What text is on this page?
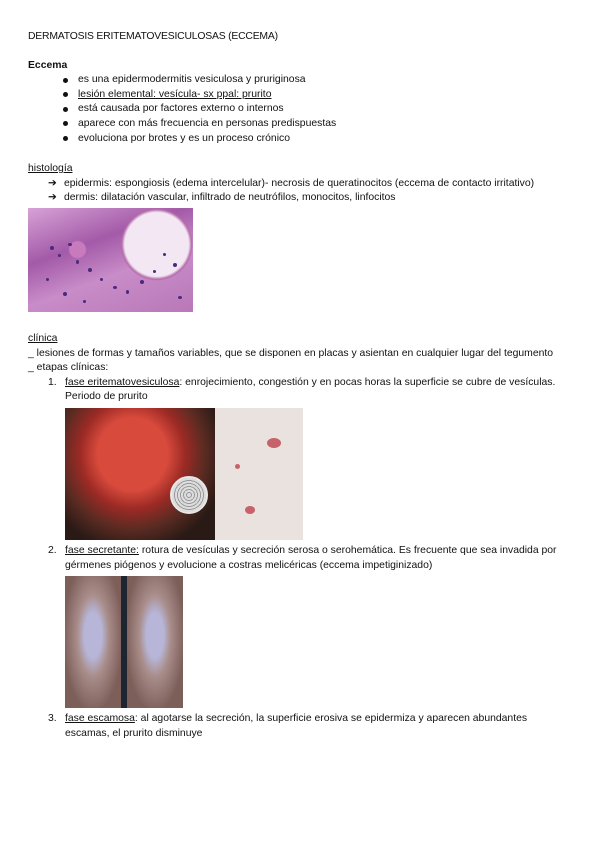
DERMATOSIS ERITEMATOVESICULOSAS (ECCEMA)

Eccema
es una epidermodermitis vesiculosa y pruriginosa
lesión elemental: vesícula- sx ppal: prurito
está causada por factores externo o internos
aparece con más frecuencia en personas predispuestas
evoluciona por brotes y es un proceso crónico
histología
➔ epidermis: espongiosis (edema intercelular)- necrosis de queratinocitos (eccema de contacto irritativo)
➔ dermis: dilatación vascular, infiltrado de neutrófilos, monocitos, linfocitos
clínica
_ lesiones de formas y tamaños variables, que se disponen en placas y asientan en cualquier lugar del tegumento
_ etapas clínicas:
1. fase eritematovesiculosa: enrojecimiento, congestión y en pocas horas la superficie se cubre de vesículas. Periodo de prurito
2. fase secretante: rotura de vesículas y secreción serosa o serohemática. Es frecuente que sea invadida por gérmenes piógenos y evolucione a costras melicéricas (eccema impetiginizado)
3. fase escamosa: al agotarse la secreción, la superficie erosiva se epidermiza y aparecen abundantes escamas, el prurito disminuye
